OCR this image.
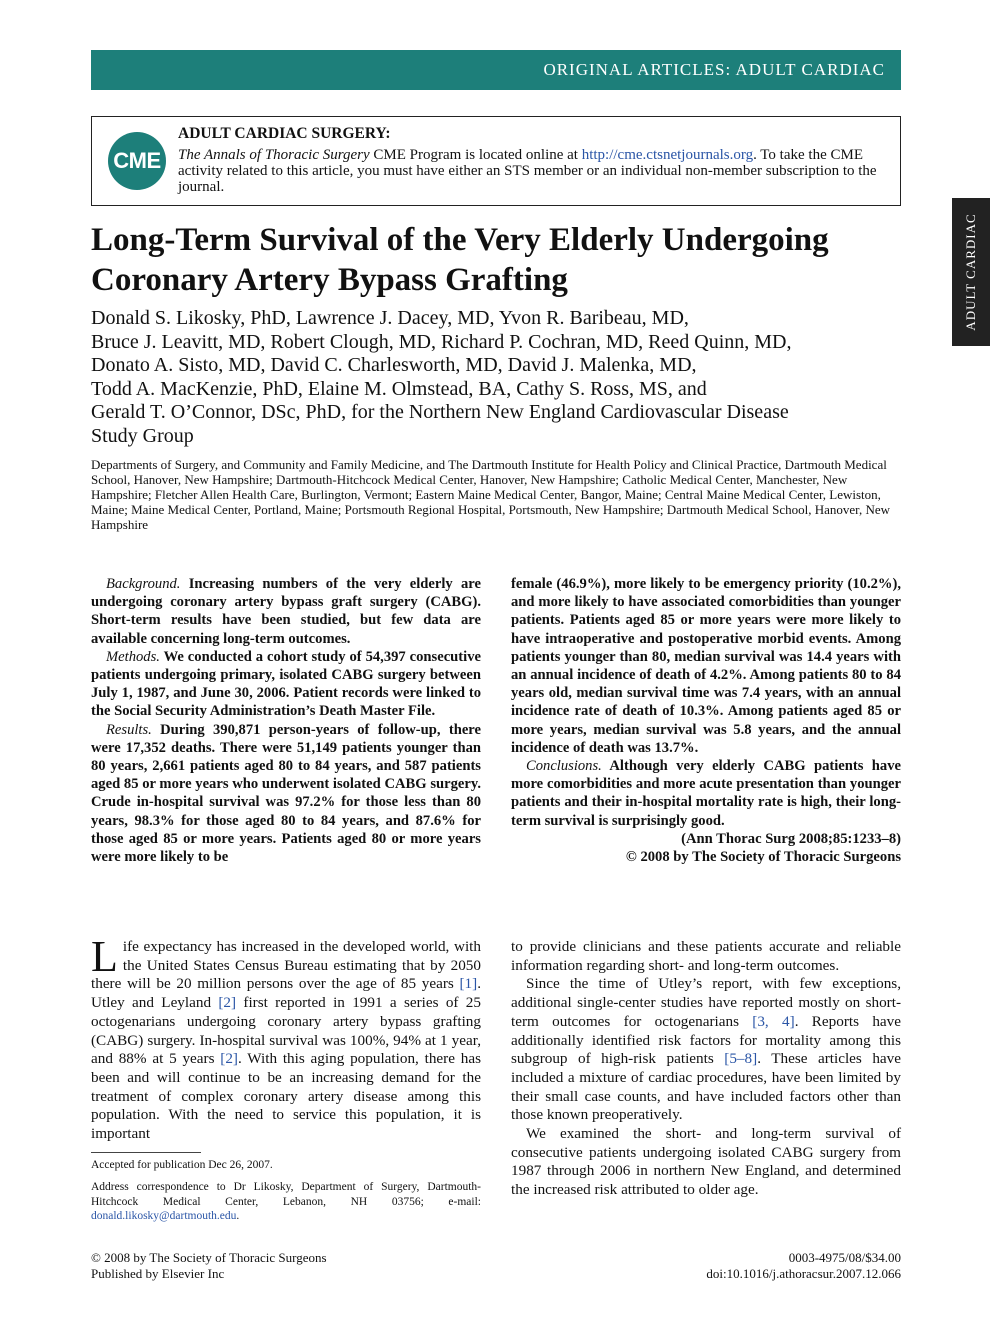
ORIGINAL ARTICLES: ADULT CARDIAC
ADULT CARDIAC
CME
ADULT CARDIAC SURGERY:
The Annals of Thoracic Surgery CME Program is located online at http://cme.ctsnetjournals.org. To take the CME activity related to this article, you must have either an STS member or an individual non-member subscription to the journal.
Long-Term Survival of the Very Elderly Undergoing Coronary Artery Bypass Grafting
Donald S. Likosky, PhD, Lawrence J. Dacey, MD, Yvon R. Baribeau, MD,
Bruce J. Leavitt, MD, Robert Clough, MD, Richard P. Cochran, MD, Reed Quinn, MD,
Donato A. Sisto, MD, David C. Charlesworth, MD, David J. Malenka, MD,
Todd A. MacKenzie, PhD, Elaine M. Olmstead, BA, Cathy S. Ross, MS, and
Gerald T. O’Connor, DSc, PhD, for the Northern New England Cardiovascular Disease
Study Group
Departments of Surgery, and Community and Family Medicine, and The Dartmouth Institute for Health Policy and Clinical Practice, Dartmouth Medical School, Hanover, New Hampshire; Dartmouth-Hitchcock Medical Center, Hanover, New Hampshire; Catholic Medical Center, Manchester, New Hampshire; Fletcher Allen Health Care, Burlington, Vermont; Eastern Maine Medical Center, Bangor, Maine; Central Maine Medical Center, Lewiston, Maine; Maine Medical Center, Portland, Maine; Portsmouth Regional Hospital, Portsmouth, New Hampshire; Dartmouth Medical School, Hanover, New Hampshire

Background. Increasing numbers of the very elderly are undergoing coronary artery bypass graft surgery (CABG). Short-term results have been studied, but few data are available concerning long-term outcomes.

Methods. We conducted a cohort study of 54,397 consecutive patients undergoing primary, isolated CABG surgery between July 1, 1987, and June 30, 2006. Patient records were linked to the Social Security Administration’s Death Master File.

Results. During 390,871 person-years of follow-up, there were 17,352 deaths. There were 51,149 patients younger than 80 years, 2,661 patients aged 80 to 84 years, and 587 patients aged 85 or more years who underwent isolated CABG surgery. Crude in-hospital survival was 97.2% for those less than 80 years, 98.3% for those aged 80 to 84 years, and 87.6% for those aged 85 or more years. Patients aged 80 or more years were more likely to be

female (46.9%), more likely to be emergency priority (10.2%), and more likely to have associated comorbidities than younger patients. Patients aged 85 or more years were more likely to have intraoperative and postoperative morbid events. Among patients younger than 80, median survival was 14.4 years with an annual incidence of death of 4.2%. Among patients 80 to 84 years old, median survival time was 7.4 years, with an annual incidence rate of death of 10.3%. Among patients aged 85 or more years, median survival was 5.8 years, and the annual incidence of death was 13.7%.

Conclusions. Although very elderly CABG patients have more comorbidities and more acute presentation than younger patients and their in-hospital mortality rate is high, their long-term survival is surprisingly good.

(Ann Thorac Surg 2008;85:1233–8)
© 2008 by The Society of Thoracic Surgeons

Life expectancy has increased in the developed world, with the United States Census Bureau estimating that by 2050 there will be 20 million persons over the age of 85 years [1]. Utley and Leyland [2] first reported in 1991 a series of 25 octogenarians undergoing coronary artery bypass grafting (CABG) surgery. In-hospital survival was 100%, 94% at 1 year, and 88% at 5 years [2]. With this aging population, there has been and will continue to be an increasing demand for the treatment of complex coronary artery disease among this population. With the need to service this population, it is important

Accepted for publication Dec 26, 2007.
Address correspondence to Dr Likosky, Department of Surgery, Dartmouth-Hitchcock Medical Center, Lebanon, NH 03756; e-mail: donald.likosky@dartmouth.edu.

to provide clinicians and these patients accurate and reliable information regarding short- and long-term outcomes.

Since the time of Utley’s report, with few exceptions, additional single-center studies have reported mostly on short-term outcomes for octogenarians [3, 4]. Reports have additionally identified risk factors for mortality among this subgroup of high-risk patients [5–8]. These articles have included a mixture of cardiac procedures, have been limited by their small case counts, and have included factors other than those known preoperatively.

We examined the short- and long-term survival of consecutive patients undergoing isolated CABG surgery from 1987 through 2006 in northern New England, and determined the increased risk attributed to older age.

© 2008 by The Society of Thoracic Surgeons
Published by Elsevier Inc
0003-4975/08/$34.00
doi:10.1016/j.athoracsur.2007.12.066
